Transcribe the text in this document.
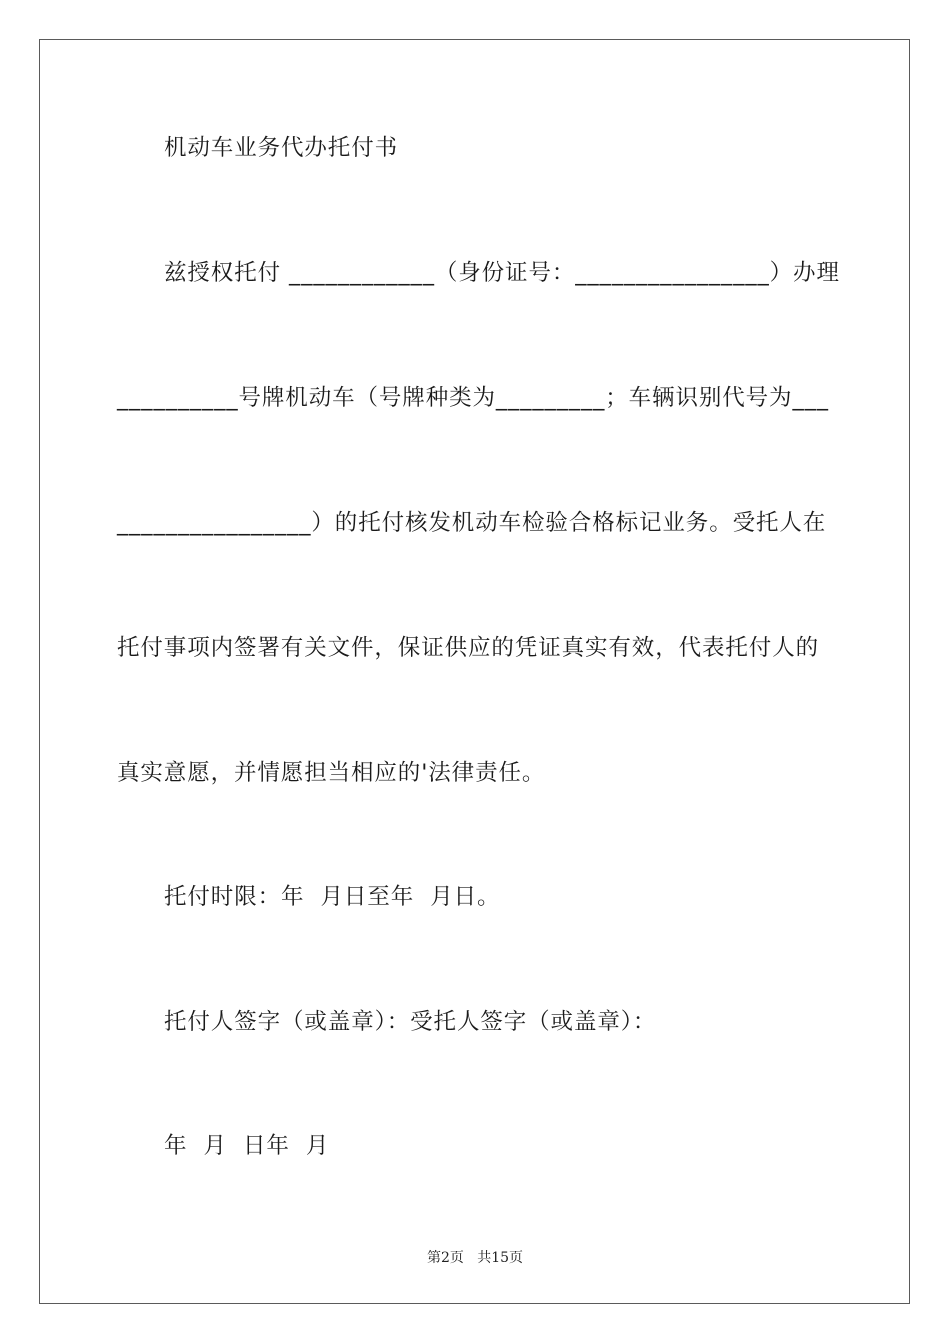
机动车业务代办托付书
兹授权托付 ____________（身份证号：________________）办理
__________号牌机动车（号牌种类为_________；车辆识别代号为___
________________）的托付核发机动车检验合格标记业务。受托人在
托付事项内签署有关文件，保证供应的凭证真实有效，代表托付人的
真实意愿，并情愿担当相应的'法律责任。
托付时限：年  月日至年  月日。
托付人签字（或盖章）：受托人签字（或盖章）：
年  月  日年  月
第2页   共15页
